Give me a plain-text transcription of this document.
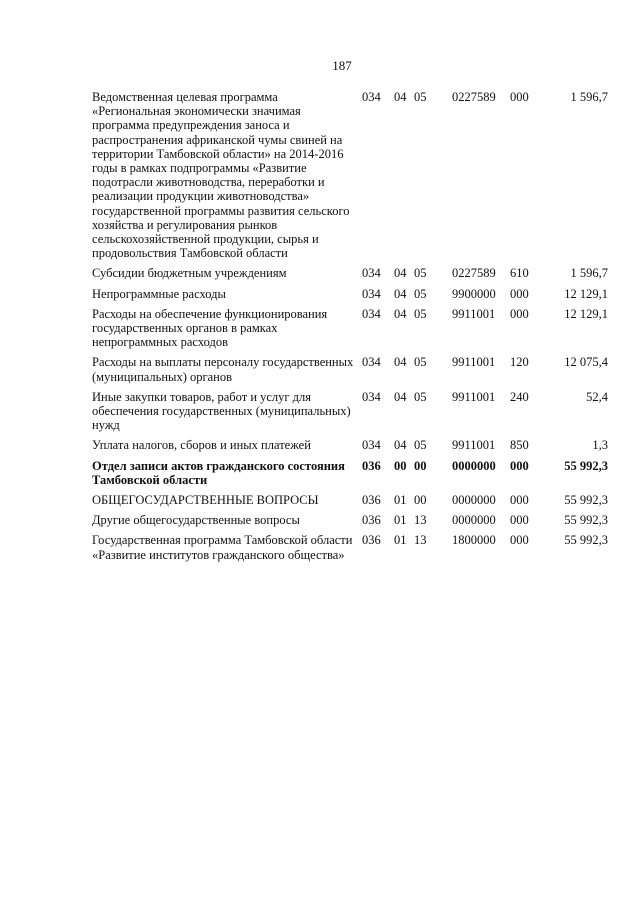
187
Ведомственная целевая программа «Региональная экономически значимая программа предупреждения заноса и распространения африканской чумы свиней на территории Тамбовской области» на 2014-2016 годы в рамках подпрограммы «Развитие подотрасли животноводства, переработки и реализации продукции животноводства» государственной программы развития сельского хозяйства и регулирования рынков сельскохозяйственной продукции, сырья и продовольствия Тамбовской области	034	04	05	0227589	000	1 596,7
Субсидии бюджетным учреждениям	034	04	05	0227589	610	1 596,7
Непрограммные расходы	034	04	05	9900000	000	12 129,1
Расходы на обеспечение функционирования государственных органов в рамках непрограммных расходов	034	04	05	9911001	000	12 129,1
Расходы на выплаты персоналу государственных (муниципальных) органов	034	04	05	9911001	120	12 075,4
Иные закупки товаров, работ и услуг для обеспечения государственных (муниципальных) нужд	034	04	05	9911001	240	52,4
Уплата налогов, сборов и иных платежей	034	04	05	9911001	850	1,3
Отдел записи актов гражданского состояния Тамбовской области	036	00	00	0000000	000	55 992,3
ОБЩЕГОСУДАРСТВЕННЫЕ ВОПРОСЫ	036	01	00	0000000	000	55 992,3
Другие общегосударственные вопросы	036	01	13	0000000	000	55 992,3
Государственная программа Тамбовской области «Развитие институтов гражданского общества»	036	01	13	1800000	000	55 992,3
